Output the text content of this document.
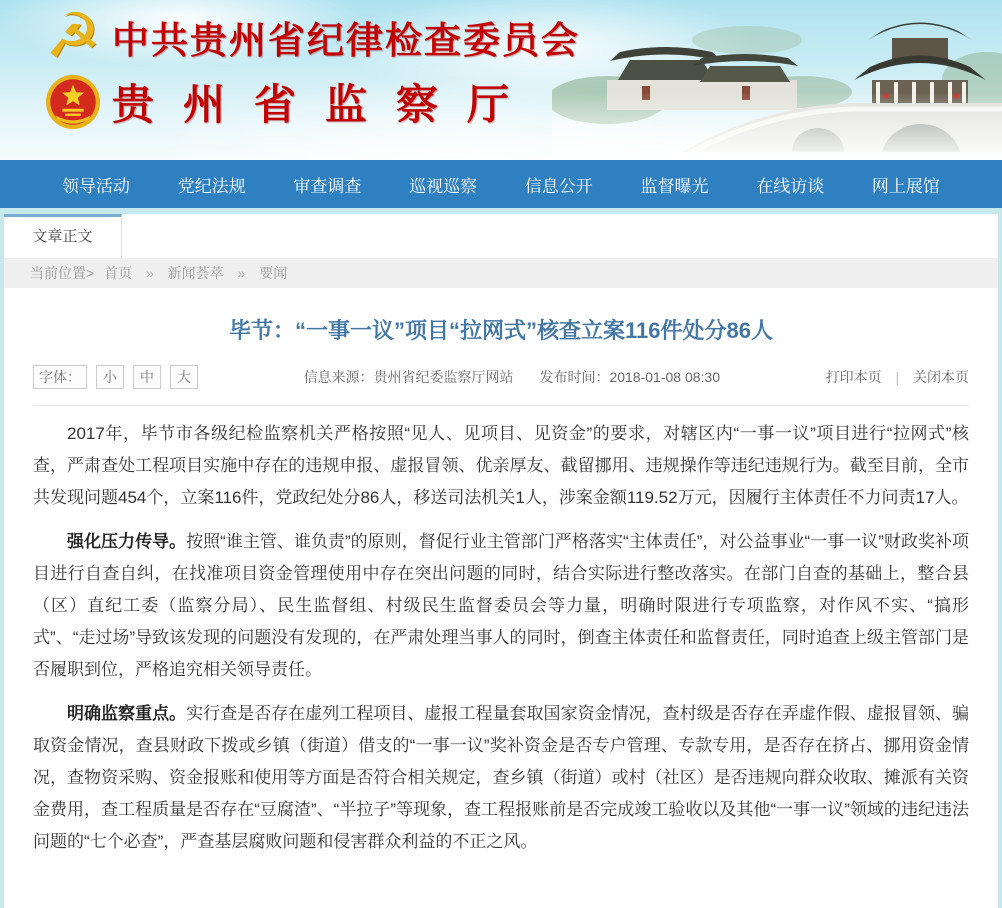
☭ 中共贵州省纪律检查委员会
贵州省监察厅
领导活动	党纪法规	审查调查	巡视巡察	信息公开	监督曝光	在线访谈	网上展馆
文章正文
当前位置> 首页 » 新闻荟萃 » 要闻
毕节：“一事一议”项目“拉网式”核查立案116件处分86人
字体：	小	中	大	信息来源：贵州省纪委监察厅网站 发布时间：2018-01-08 08:30	打印本页 | 关闭本页

2017年，毕节市各级纪检监察机关严格按照“见人、见项目、见资金”的要求，对辖区内“一事一议”项目进行“拉网式”核查，严肃查处工程项目实施中存在的违规申报、虚报冒领、优亲厚友、截留挪用、违规操作等违纪违规行为。截至目前，全市共发现问题454个，立案116件，党政纪处分86人，移送司法机关1人，涉案金额119.52万元，因履行主体责任不力问责17人。

强化压力传导。按照“谁主管、谁负责”的原则，督促行业主管部门严格落实“主体责任”，对公益事业“一事一议”财政奖补项目进行自查自纠，在找准项目资金管理使用中存在突出问题的同时，结合实际进行整改落实。在部门自查的基础上，整合县（区）直纪工委（监察分局）、民生监督组、村级民生监督委员会等力量，明确时限进行专项监察，对作风不实、“搞形式”、“走过场”导致该发现的问题没有发现的，在严肃处理当事人的同时，倒查主体责任和监督责任，同时追查上级主管部门是否履职到位，严格追究相关领导责任。

明确监察重点。实行查是否存在虚列工程项目、虚报工程量套取国家资金情况，查村级是否存在弄虚作假、虚报冒领、骗取资金情况，查县财政下拨或乡镇（街道）借支的“一事一议”奖补资金是否专户管理、专款专用，是否存在挤占、挪用资金情况，查物资采购、资金报账和使用等方面是否符合相关规定，查乡镇（街道）或村（社区）是否违规向群众收取、摊派有关资金费用，查工程质量是否存在“豆腐渣”、“半拉子”等现象，查工程报账前是否完成竣工验收以及其他“一事一议”领域的违纪违法问题的“七个必查”，严查基层腐败问题和侵害群众利益的不正之风。
